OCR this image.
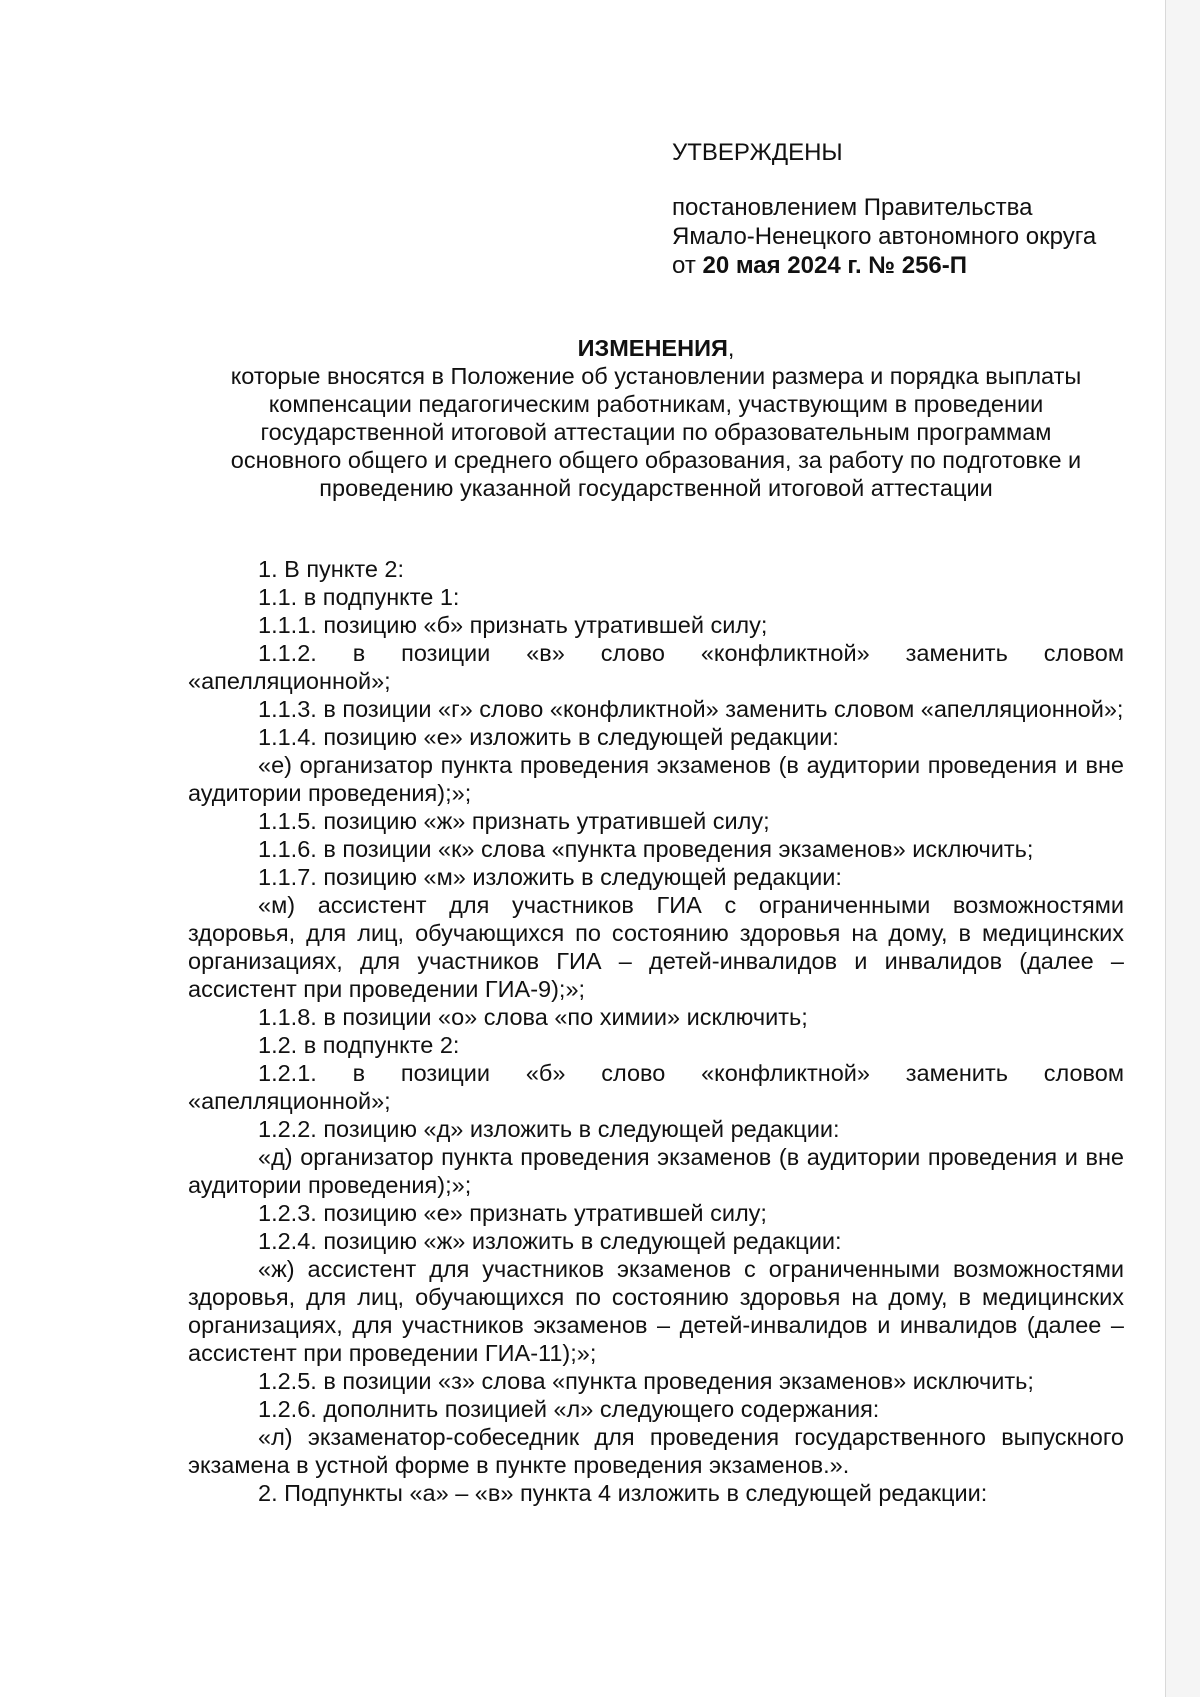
УТВЕРЖДЕНЫ
постановлением Правительства
Ямало-Ненецкого автономного округа
от 20 мая 2024 г. № 256-П
ИЗМЕНЕНИЯ,
которые вносятся в Положение об установлении размера и порядка выплаты
компенсации педагогическим работникам, участвующим в проведении
государственной итоговой аттестации по образовательным программам
основного общего и среднего общего образования, за работу по подготовке и
проведению указанной государственной итоговой аттестации

1. В пункте 2:

1.1. в подпункте 1:

1.1.1. позицию «б» признать утратившей силу;

1.1.2. в позиции «в» слово «конфликтной» заменить словом «апелляционной»;

1.1.3. в позиции «г» слово «конфликтной» заменить словом «апелляционной»;

1.1.4. позицию «е» изложить в следующей редакции:

«е) организатор пункта проведения экзаменов (в аудитории проведения и вне аудитории проведения);»;

1.1.5. позицию «ж» признать утратившей силу;

1.1.6. в позиции «к» слова «пункта проведения экзаменов» исключить;

1.1.7. позицию «м» изложить в следующей редакции:

«м) ассистент для участников ГИА с ограниченными возможностями здоровья, для лиц, обучающихся по состоянию здоровья на дому, в медицинских организациях, для участников ГИА – детей-инвалидов и инвалидов (далее – ассистент при проведении ГИА-9);»;

1.1.8. в позиции «о» слова «по химии» исключить;

1.2. в подпункте 2:

1.2.1. в позиции «б» слово «конфликтной» заменить словом «апелляционной»;

1.2.2. позицию «д» изложить в следующей редакции:

«д) организатор пункта проведения экзаменов (в аудитории проведения и вне аудитории проведения);»;

1.2.3. позицию «е» признать утратившей силу;

1.2.4. позицию «ж» изложить в следующей редакции:

«ж) ассистент для участников экзаменов с ограниченными возможностями здоровья, для лиц, обучающихся по состоянию здоровья на дому, в медицинских организациях, для участников экзаменов – детей-инвалидов и инвалидов (далее – ассистент при проведении ГИА-11);»;

1.2.5. в позиции «з» слова «пункта проведения экзаменов» исключить;

1.2.6. дополнить позицией «л» следующего содержания:

«л) экзаменатор-собеседник для проведения государственного выпускного экзамена в устной форме в пункте проведения экзаменов.».

2. Подпункты «а» – «в» пункта 4 изложить в следующей редакции:
